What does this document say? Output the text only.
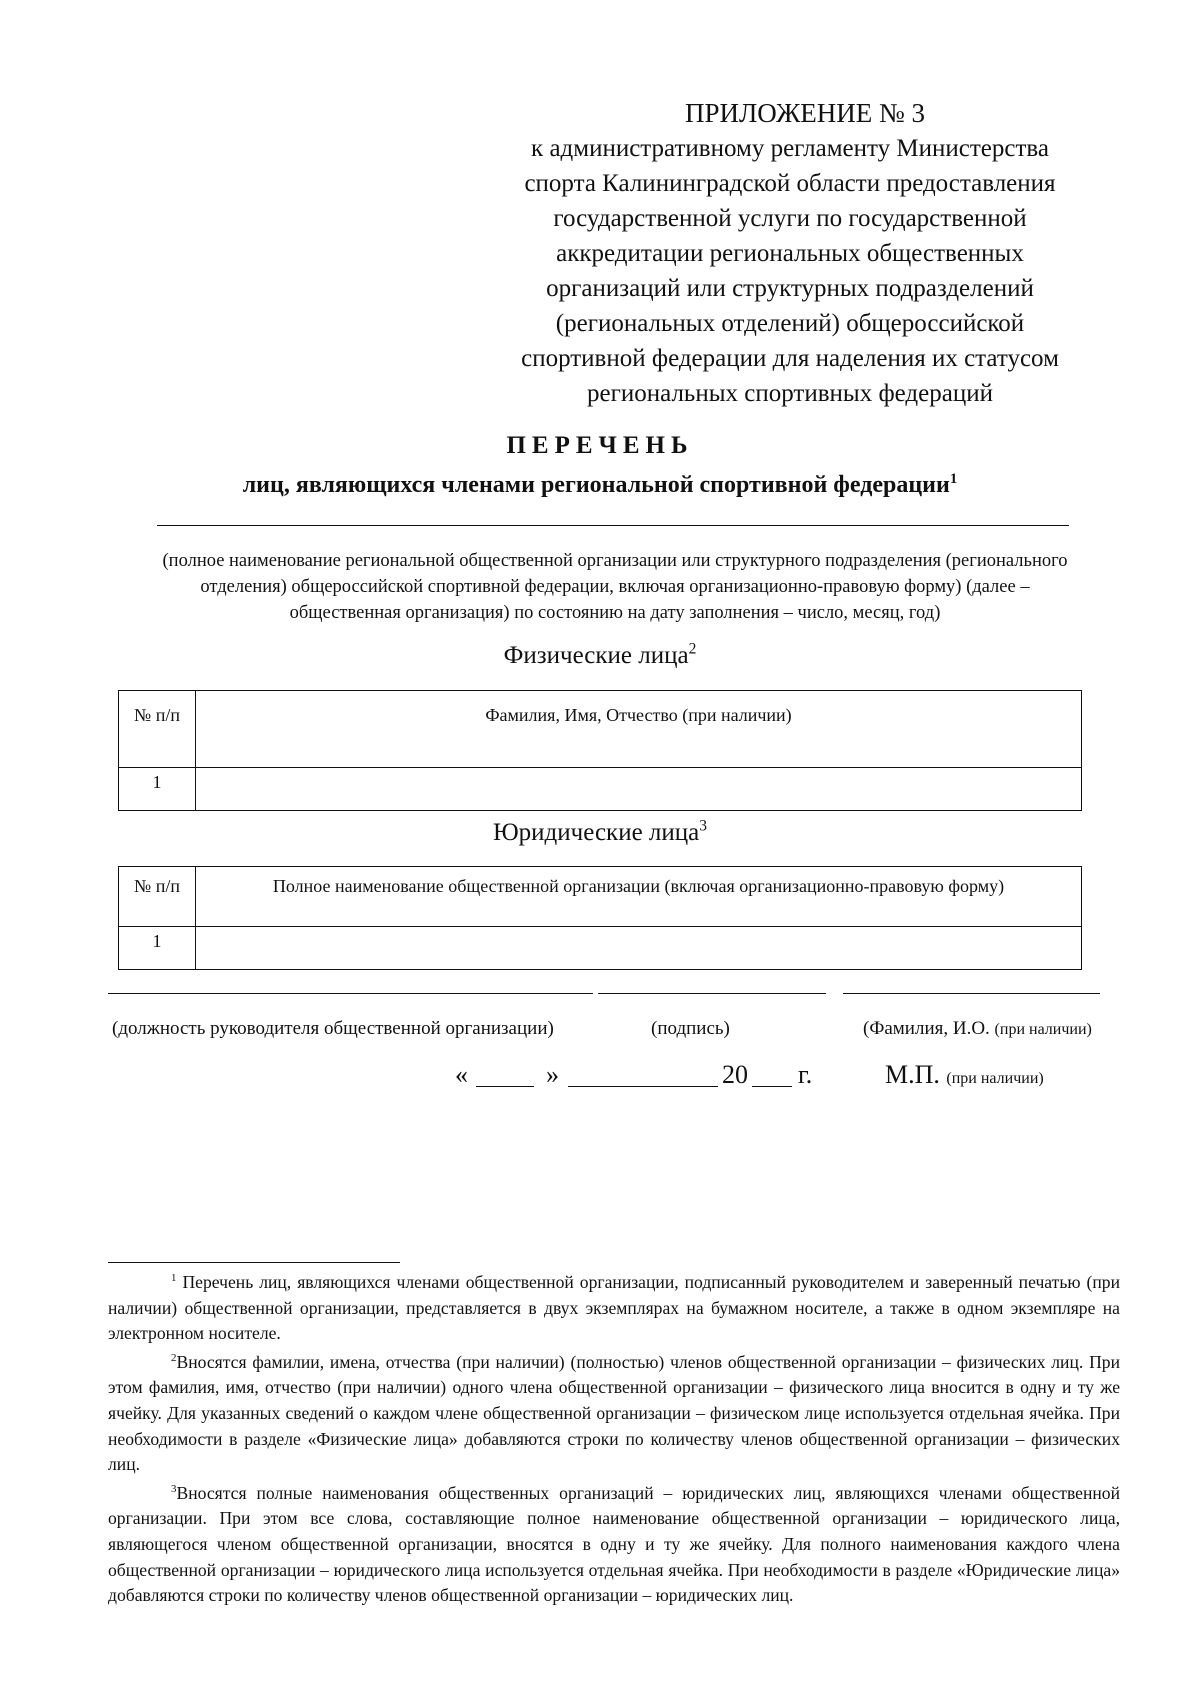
ПРИЛОЖЕНИЕ № 3
к административному регламенту Министерства
спорта Калининградской области предоставления
государственной услуги по государственной
аккредитации региональных общественных
организаций или структурных подразделений
(региональных отделений) общероссийской
спортивной федерации для наделения их статусом
региональных спортивных федераций
ПЕРЕЧЕНЬ
лиц, являющихся членами региональной спортивной федерации$^1$
(полное наименование региональной общественной организации или структурного подразделения (регионального
отделения) общероссийской спортивной федерации, включая организационно-правовую форму) (далее –
общественная организация) по состоянию на дату заполнения – число, месяц, год)
Физические лица$^2$
№ п/п	Фамилия, Имя, Отчество (при наличии)
1	
Юридические лица$^3$
№ п/п	Полное наименование общественной организации (включая организационно-правовую форму)
1	
(должность руководителя общественной организации)	(подпись)	(Фамилия, И.О. (при наличии)
«	»	20 г.	М.П. (при наличии)

$^1$ Перечень лиц, являющихся членами общественной организации, подписанный руководителем и заверенный печатью (при наличии) общественной организации, представляется в двух экземплярах на бумажном носителе, а также в одном экземпляре на электронном носителе.

$^2$Вносятся фамилии, имена, отчества (при наличии) (полностью) членов общественной организации – физических лиц. При этом фамилия, имя, отчество (при наличии) одного члена общественной организации – физического лица вносится в одну и ту же ячейку. Для указанных сведений о каждом члене общественной организации – физическом лице используется отдельная ячейка. При необходимости в разделе «Физические лица» добавляются строки по количеству членов общественной организации – физических лиц.

$^3$Вносятся полные наименования общественных организаций – юридических лиц, являющихся членами общественной организации. При этом все слова, составляющие полное наименование общественной организации – юридического лица, являющегося членом общественной организации, вносятся в одну и ту же ячейку. Для полного наименования каждого члена общественной организации – юридического лица используется отдельная ячейка. При необходимости в разделе «Юридические лица» добавляются строки по количеству членов общественной организации – юридических лиц.
